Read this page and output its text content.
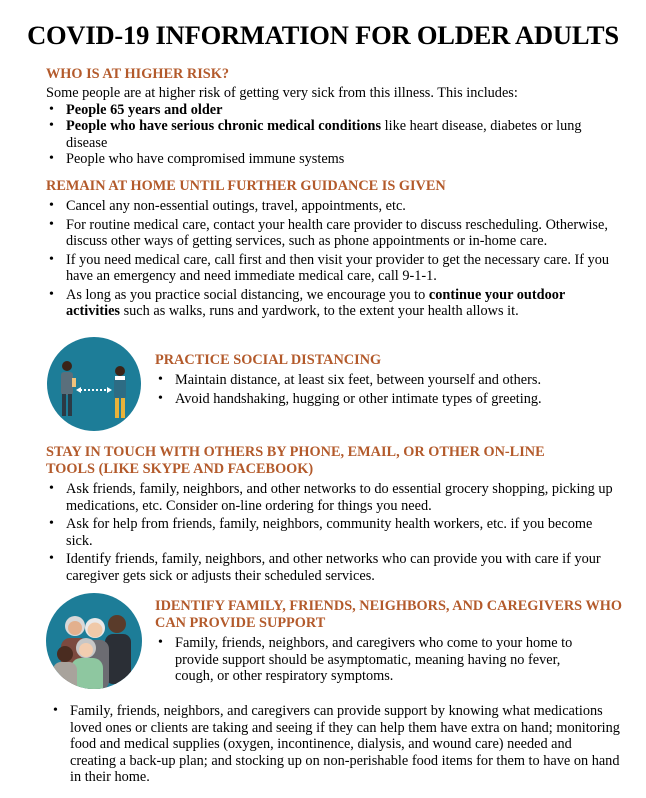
COVID-19 INFORMATION FOR OLDER ADULTS
WHO IS AT HIGHER RISK?
Some people are at higher risk of getting very sick from this illness. This includes:
• People 65 years and older
• People who have serious chronic medical conditions like heart disease, diabetes or lung disease
• People who have compromised immune systems
REMAIN AT HOME UNTIL FURTHER GUIDANCE IS GIVEN
• Cancel any non-essential outings, travel, appointments, etc.
• For routine medical care, contact your health care provider to discuss rescheduling. Otherwise, discuss other ways of getting services, such as phone appointments or in-home care.
• If you need medical care, call first and then visit your provider to get the necessary care. If you have an emergency and need immediate medical care, call 9-1-1.
• As long as you practice social distancing, we encourage you to continue your outdoor activities such as walks, runs and yardwork, to the extent your health allows it.
PRACTICE SOCIAL DISTANCING
• Maintain distance, at least six feet, between yourself and others.
• Avoid handshaking, hugging or other intimate types of greeting.
STAY IN TOUCH WITH OTHERS BY PHONE, EMAIL, OR OTHER ON-LINE TOOLS (LIKE SKYPE AND FACEBOOK)
• Ask friends, family, neighbors, and other networks to do essential grocery shopping, picking up medications, etc. Consider on-line ordering for things you need.
• Ask for help from friends, family, neighbors, community health workers, etc. if you become sick.
• Identify friends, family, neighbors, and other networks who can provide you with care if your caregiver gets sick or adjusts their scheduled services.
IDENTIFY FAMILY, FRIENDS, NEIGHBORS, AND CAREGIVERS WHO CAN PROVIDE SUPPORT
• Family, friends, neighbors, and caregivers who come to your home to provide support should be asymptomatic, meaning having no fever, cough, or other respiratory symptoms.
• Family, friends, neighbors, and caregivers can provide support by knowing what medications loved ones or clients are taking and seeing if they can help them have extra on hand; monitoring food and medical supplies (oxygen, incontinence, dialysis, and wound care) needed and creating a back-up plan; and stocking up on non-perishable food items for them to have on hand in their home.
